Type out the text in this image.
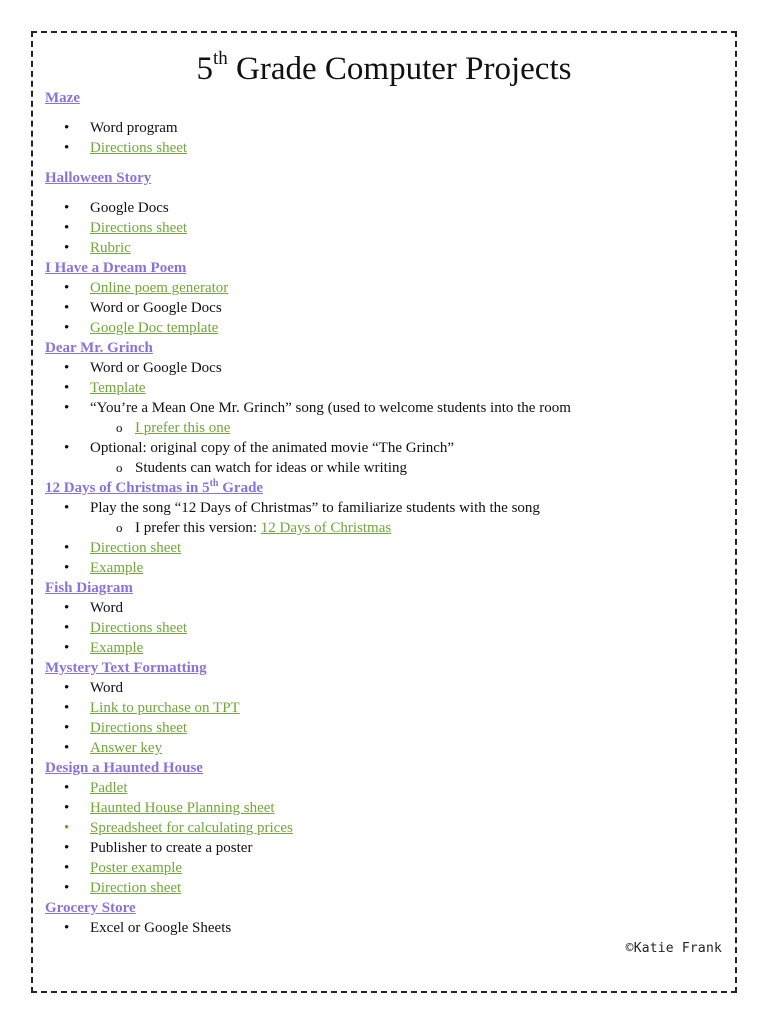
5th Grade Computer Projects
Maze
• Word program
• Directions sheet
Halloween Story
• Google Docs
• Directions sheet
• Rubric
I Have a Dream Poem
• Online poem generator
• Word or Google Docs
• Google Doc template
Dear Mr. Grinch
• Word or Google Docs
• Template
• “You’re a Mean One Mr. Grinch” song (used to welcome students into the room
o I prefer this one
• Optional: original copy of the animated movie “The Grinch”
o Students can watch for ideas or while writing
12 Days of Christmas in 5th Grade
• Play the song “12 Days of Christmas” to familiarize students with the song
o I prefer this version: 12 Days of Christmas
• Direction sheet
• Example
Fish Diagram
• Word
• Directions sheet
• Example
Mystery Text Formatting
• Word
• Link to purchase on TPT
• Directions sheet
• Answer key
Design a Haunted House
• Padlet
• Haunted House Planning sheet
• Spreadsheet for calculating prices
• Publisher to create a poster
• Poster example
• Direction sheet
Grocery Store
• Excel or Google Sheets
©Katie Frank
